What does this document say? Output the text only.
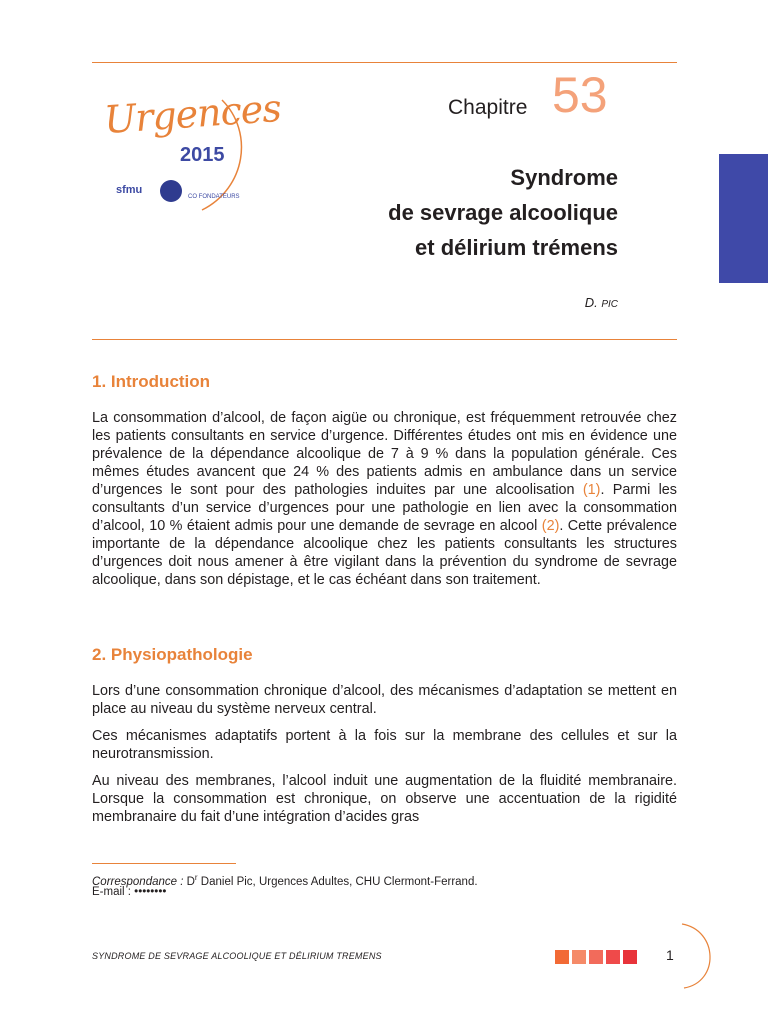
Urgences
2015
sfmu
CO FONDATEURS
Chapitre 53
Syndrome
de sevrage alcoolique
et délirium trémens
D. PIC
1. Introduction
La consommation d’alcool, de façon aigüe ou chronique, est fréquemment retrouvée chez les patients consultants en service d’urgence. Différentes études ont mis en évidence une prévalence de la dépendance alcoolique de 7 à 9 % dans la population générale. Ces mêmes études avancent que 24 % des patients admis en ambulance dans un service d’urgences le sont pour des pathologies induites par une alcoolisation (1). Parmi les consultants d’un service d’urgences pour une pathologie en lien avec la consommation d’alcool, 10 % étaient admis pour une demande de sevrage en alcool (2). Cette prévalence importante de la dépendance alcoolique chez les patients consultants les structures d’urgences doit nous amener à être vigilant dans la prévention du syndrome de sevrage alcoolique, dans son dépistage, et le cas échéant dans son traitement.
2. Physiopathologie
Lors d’une consommation chronique d’alcool, des mécanismes d’adaptation se mettent en place au niveau du système nerveux central.
Ces mécanismes adaptatifs portent à la fois sur la membrane des cellules et sur la neurotransmission.
Au niveau des membranes, l’alcool induit une augmentation de la fluidité membranaire. Lorsque la consommation est chronique, on observe une accentuation de la rigidité membranaire du fait d’une intégration d’acides gras
Correspondance : $D^r$ Daniel Pic, Urgences Adultes, CHU Clermont-Ferrand.
E-mail : ••••••••
SYNDROME DE SEVRAGE ALCOOLIQUE ET DÉLIRIUM TREMENS	1
